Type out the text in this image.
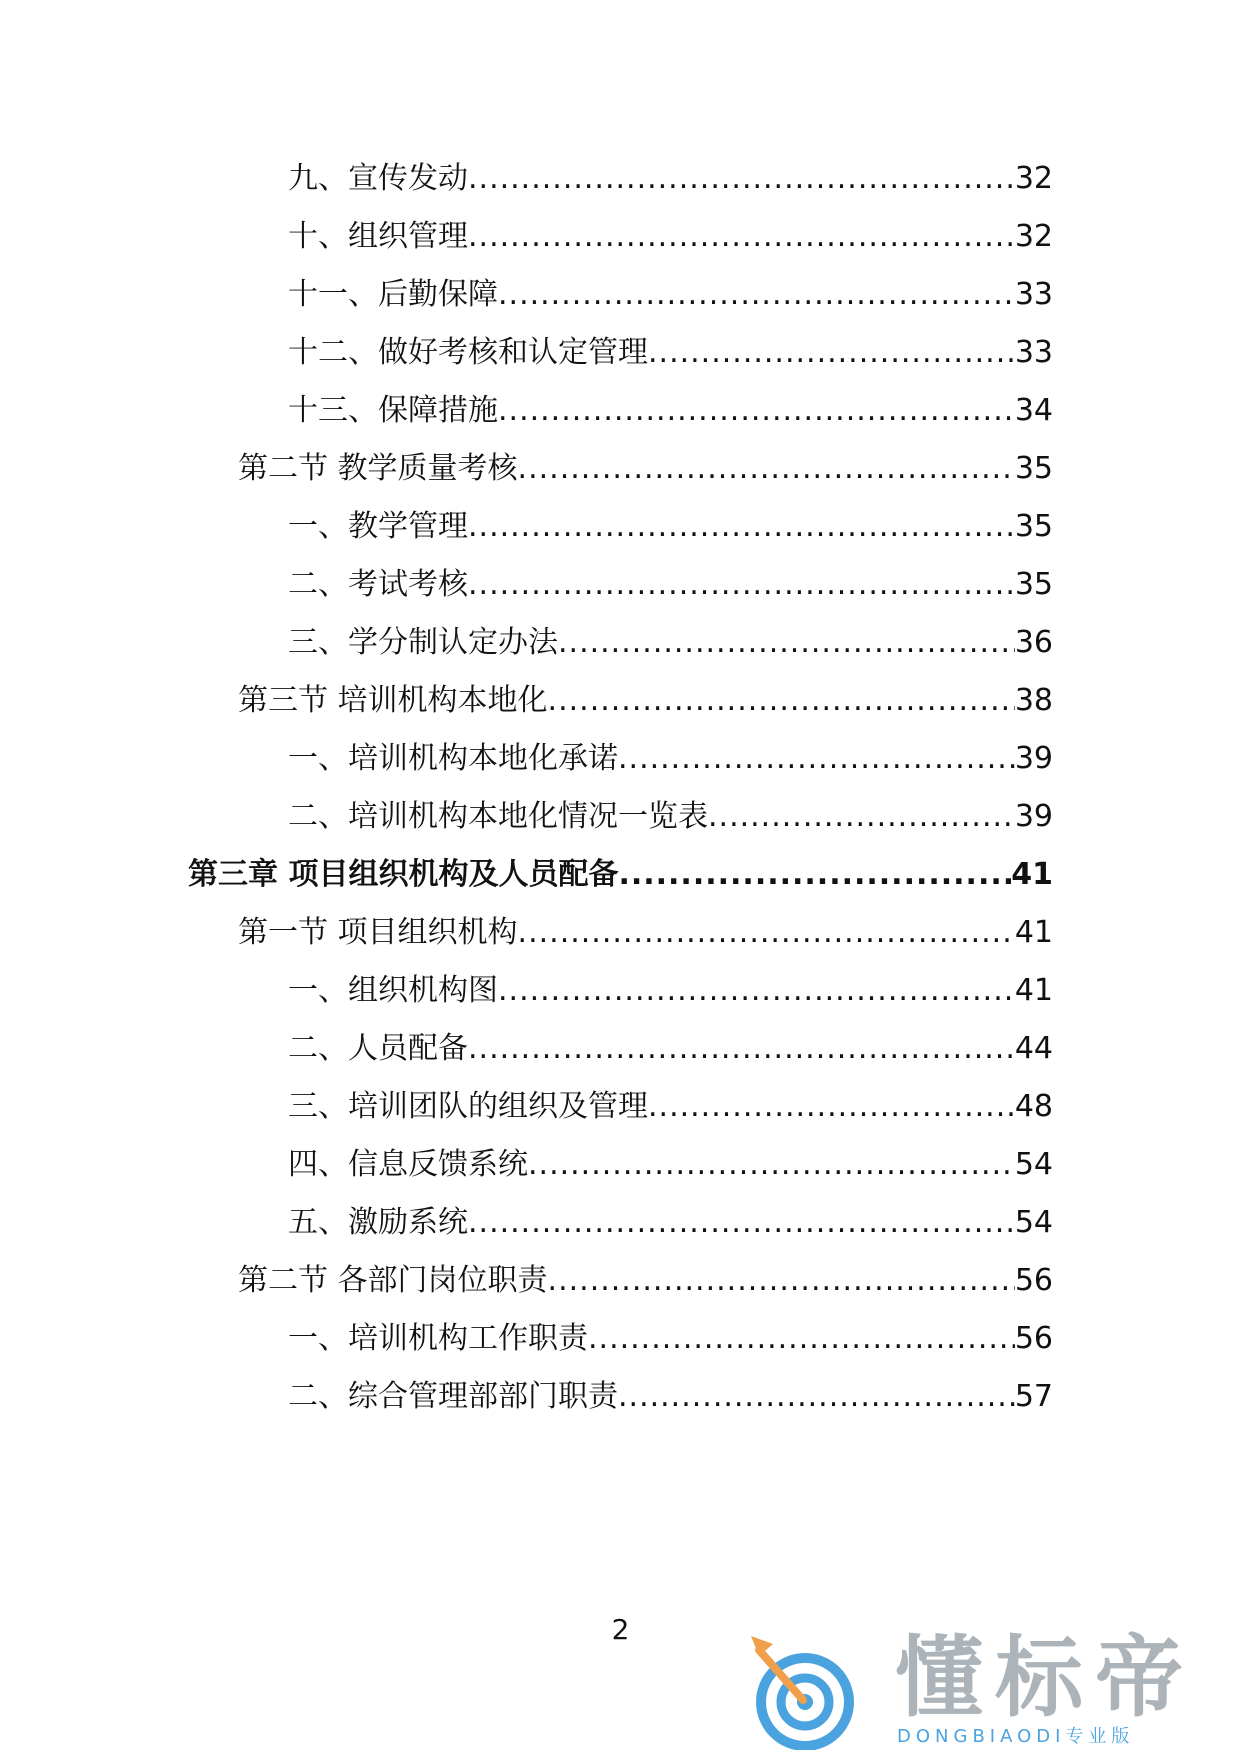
九、宣传发动 .....	32
十、组织管理 .....	32
十一、后勤保障 .....	33
十二、做好考核和认定管理 .....	33
十三、保障措施 .....	34
第二节 教学质量考核 .....	35
一、教学管理 .....	35
二、考试考核 .....	35
三、学分制认定办法 .....	36
第三节 培训机构本地化 .....	38
一、培训机构本地化承诺 .....	39
二、培训机构本地化情况一览表 .....	39
第三章 项目组织机构及人员配备 .....	41
第一节 项目组织机构 .....	41
一、组织机构图 .....	41
二、人员配备 .....	44
三、培训团队的组织及管理 .....	48
四、信息反馈系统 .....	54
五、激励系统 .....	54
第二节 各部门岗位职责 .....	56
一、培训机构工作职责 .....	56
二、综合管理部部门职责 .....	57
2	懂标帝
DONGBIAODI专业版
